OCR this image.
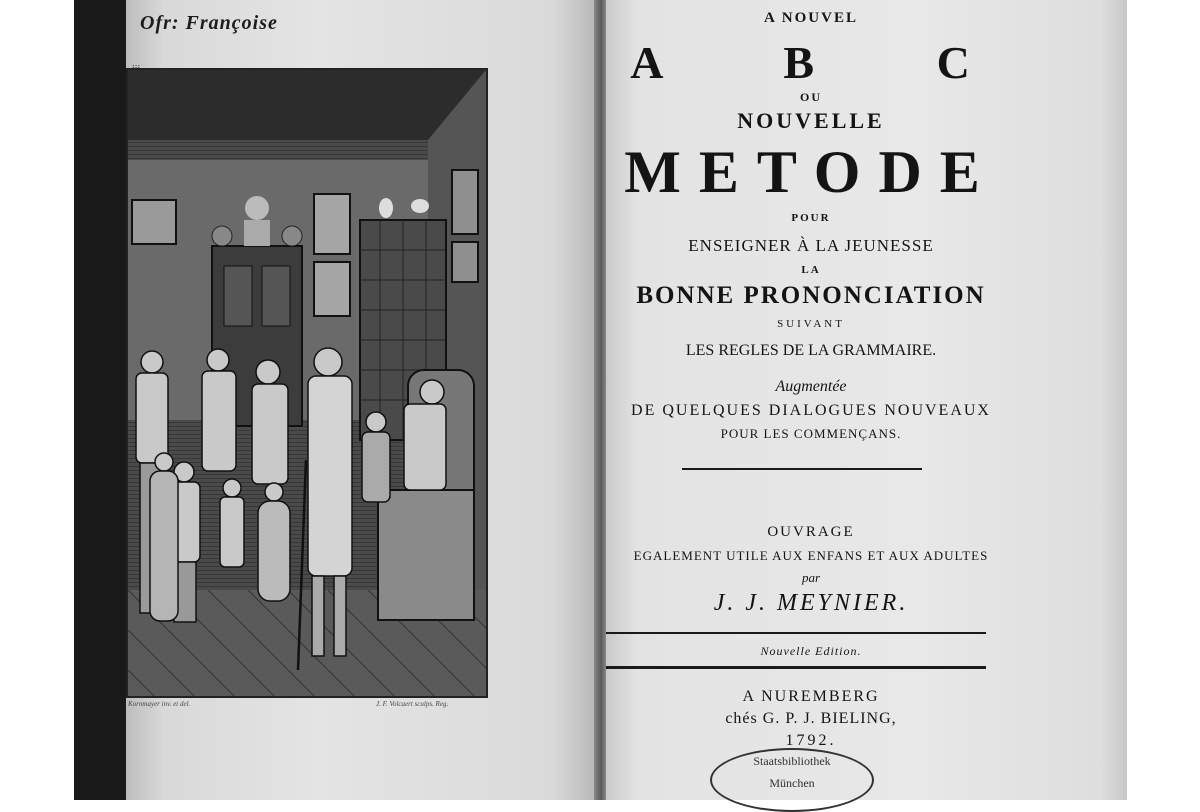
Ofr: Françoise
Kornmayer inv. et del.	J. F. Volcaert sculps. Reg.
A NOUVEL
A   B   C
OU
NOUVELLE
METODE
POUR
ENSEIGNER À LA JEUNESSE
LA
BONNE PRONONCIATION
SUIVANT
LES REGLES DE LA GRAMMAIRE.
Augmentée
DE QUELQUES DIALOGUES NOUVEAUX
POUR LES COMMENÇANS.
OUVRAGE
EGALEMENT UTILE AUX ENFANS ET AUX ADULTES
par
J. J. MEYNIER.
Nouvelle Edition.
A NUREMBERG
chés G. P. J. BIELING,
1792.
Staatsbibliothek
München
